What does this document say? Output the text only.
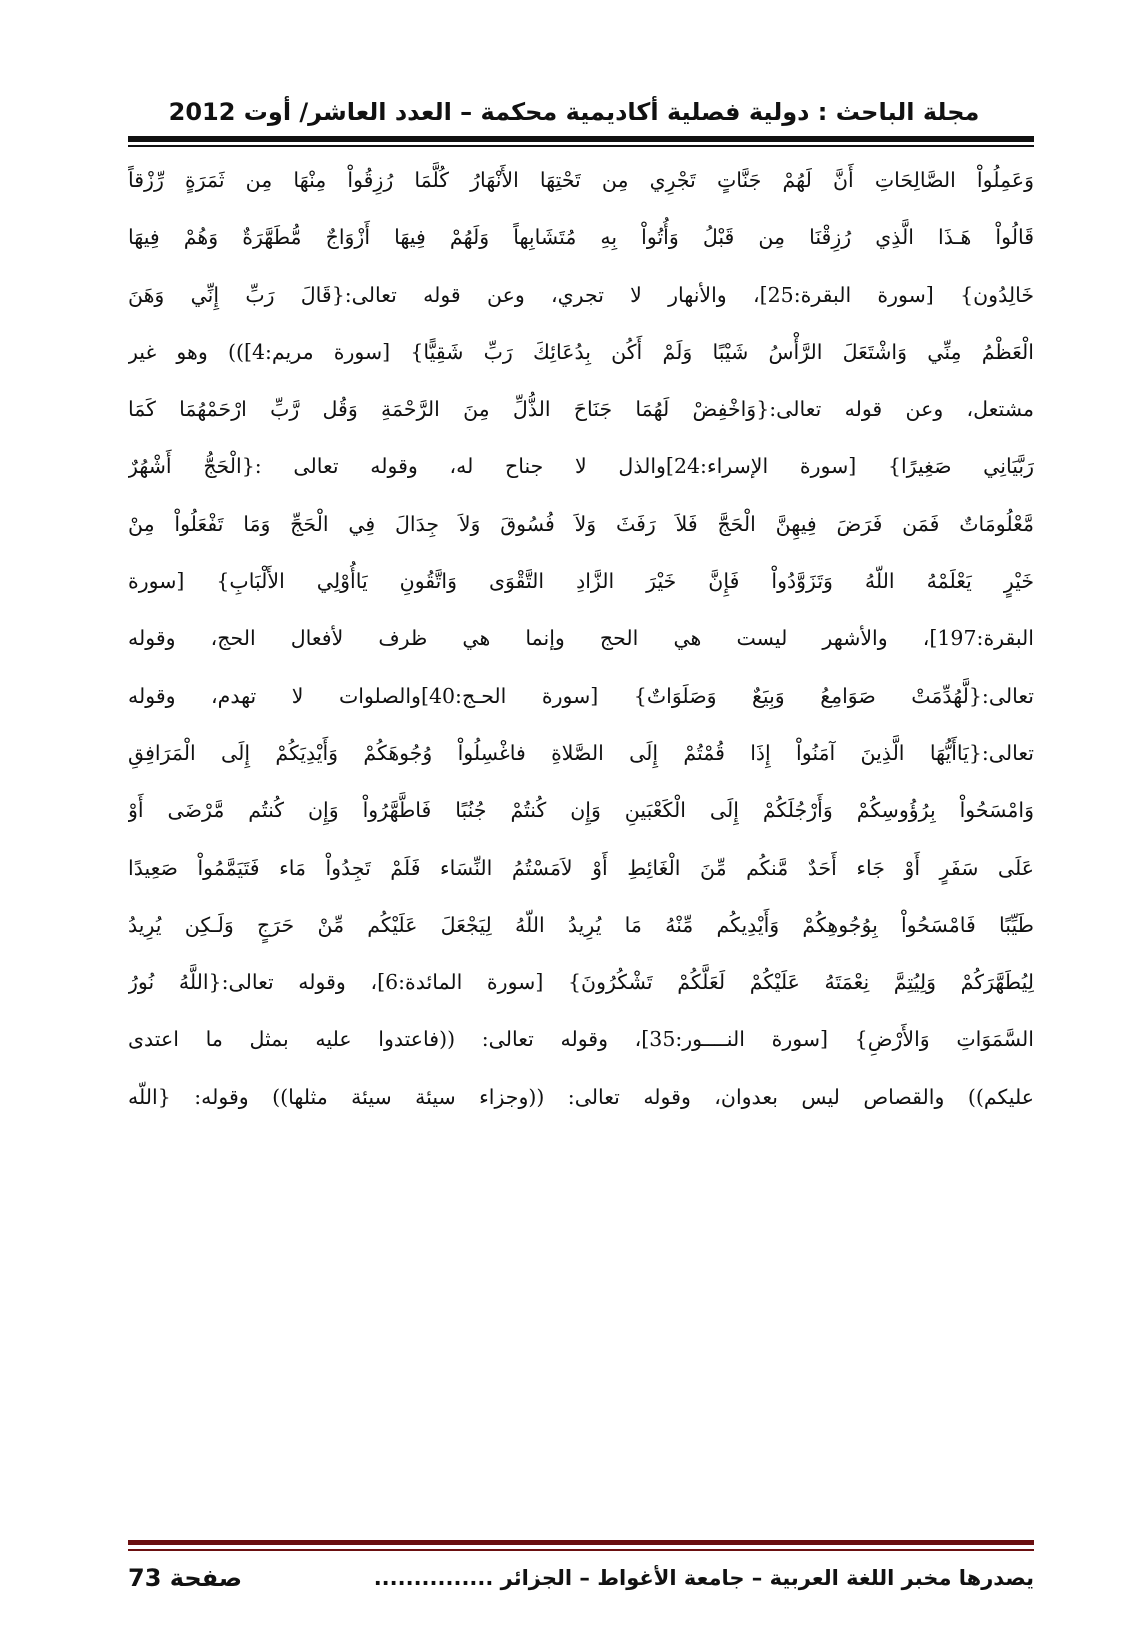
مجلة الباحث : دولية فصلية أكاديمية محكمة – العدد العاشر/ أوت 2012
وَعَمِلُواْ الصَّالِحَاتِ أَنَّ لَهُمْ جَنَّاتٍ تَجْرِي مِن تَحْتِهَا الأَنْهَارُ كُلَّمَا رُزِقُواْ مِنْهَا مِن ثَمَرَةٍ رِّزْقاً
قَالُواْ هَـذَا الَّذِي رُزِقْنَا مِن قَبْلُ وَأُتُواْ بِهِ مُتَشَابِهاً وَلَهُمْ فِيهَا أَزْوَاجٌ مُّطَهَّرَةٌ وَهُمْ فِيهَا
خَالِدُون} [سورة البقرة:25]، والأنهار لا تجري، وعن قوله تعالى:{قَالَ رَبِّ إِنِّي وَهَنَ
الْعَظْمُ مِنِّي وَاشْتَعَلَ الرَّأْسُ شَيْبًا وَلَمْ أَكُن بِدُعَائِكَ رَبِّ شَقِيًّا} [سورة مريم:4])) وهو غير
مشتعل، وعن قوله تعالى:{وَاخْفِضْ لَهُمَا جَنَاحَ الذُّلِّ مِنَ الرَّحْمَةِ وَقُل رَّبِّ ارْحَمْهُمَا كَمَا
رَبَّيَانِي صَغِيرًا} [سورة الإسراء:24]والذل لا جناح له، وقوله تعالى :{الْحَجُّ أَشْهُرٌ
مَّعْلُومَاتٌ فَمَن فَرَضَ فِيهِنَّ الْحَجَّ فَلاَ رَفَثَ وَلاَ فُسُوقَ وَلاَ جِدَالَ فِي الْحَجِّ وَمَا تَفْعَلُواْ مِنْ
خَيْرٍ يَعْلَمْهُ اللّهُ وَتَزَوَّدُواْ فَإِنَّ خَيْرَ الزَّادِ التَّقْوَى وَاتَّقُونِ يَاأُوْلِي الأَلْبَابِ} [سورة
البقرة:197]، والأشهر ليست هي الحج وإنما هي ظرف لأفعال الحج، وقوله
تعالى:{لَّهُدِّمَتْ صَوَامِعُ وَبِيَعٌ وَصَلَوَاتٌ} [سورة الحـج:40]والصلوات لا تهدم، وقوله
تعالى:{يَاأَيُّهَا الَّذِينَ آمَنُواْ إِذَا قُمْتُمْ إِلَى الصَّلاةِ فاغْسِلُواْ وُجُوهَكُمْ وَأَيْدِيَكُمْ إِلَى الْمَرَافِقِ
وَامْسَحُواْ بِرُؤُوسِكُمْ وَأَرْجُلَكُمْ إِلَى الْكَعْبَينِ وَإِن كُنتُمْ جُنُبًا فَاطَّهَّرُواْ وَإِن كُنتُم مَّرْضَى أَوْ
عَلَى سَفَرٍ أَوْ جَاء أَحَدٌ مَّنكُم مِّنَ الْغَائِطِ أَوْ لاَمَسْتُمُ النِّسَاء فَلَمْ تَجِدُواْ مَاء فَتَيَمَّمُواْ صَعِيدًا
طَيِّبًا فَامْسَحُواْ بِوُجُوهِكُمْ وَأَيْدِيكُم مِّنْهُ مَا يُرِيدُ اللّهُ لِيَجْعَلَ عَلَيْكُم مِّنْ حَرَجٍ وَلَـكِن يُرِيدُ
لِيُطَهَّرَكُمْ وَلِيُتِمَّ نِعْمَتَهُ عَلَيْكُمْ لَعَلَّكُمْ تَشْكُرُونَ} [سورة المائدة:6]، وقوله تعالى:{اللَّهُ نُورُ
السَّمَوَاتِ وَالأَرْضِ} [سورة النــــور:35]، وقوله تعالى: ((فاعتدوا عليه بمثل ما اعتدى
عليكم)) والقصاص ليس بعدوان، وقوله تعالى: ((وجزاء سيئة سيئة مثلها)) وقوله: {اللّه
صفحة 73	يصدرها مخبر اللغة العربية – جامعة الأغواط – الجزائر ...............
